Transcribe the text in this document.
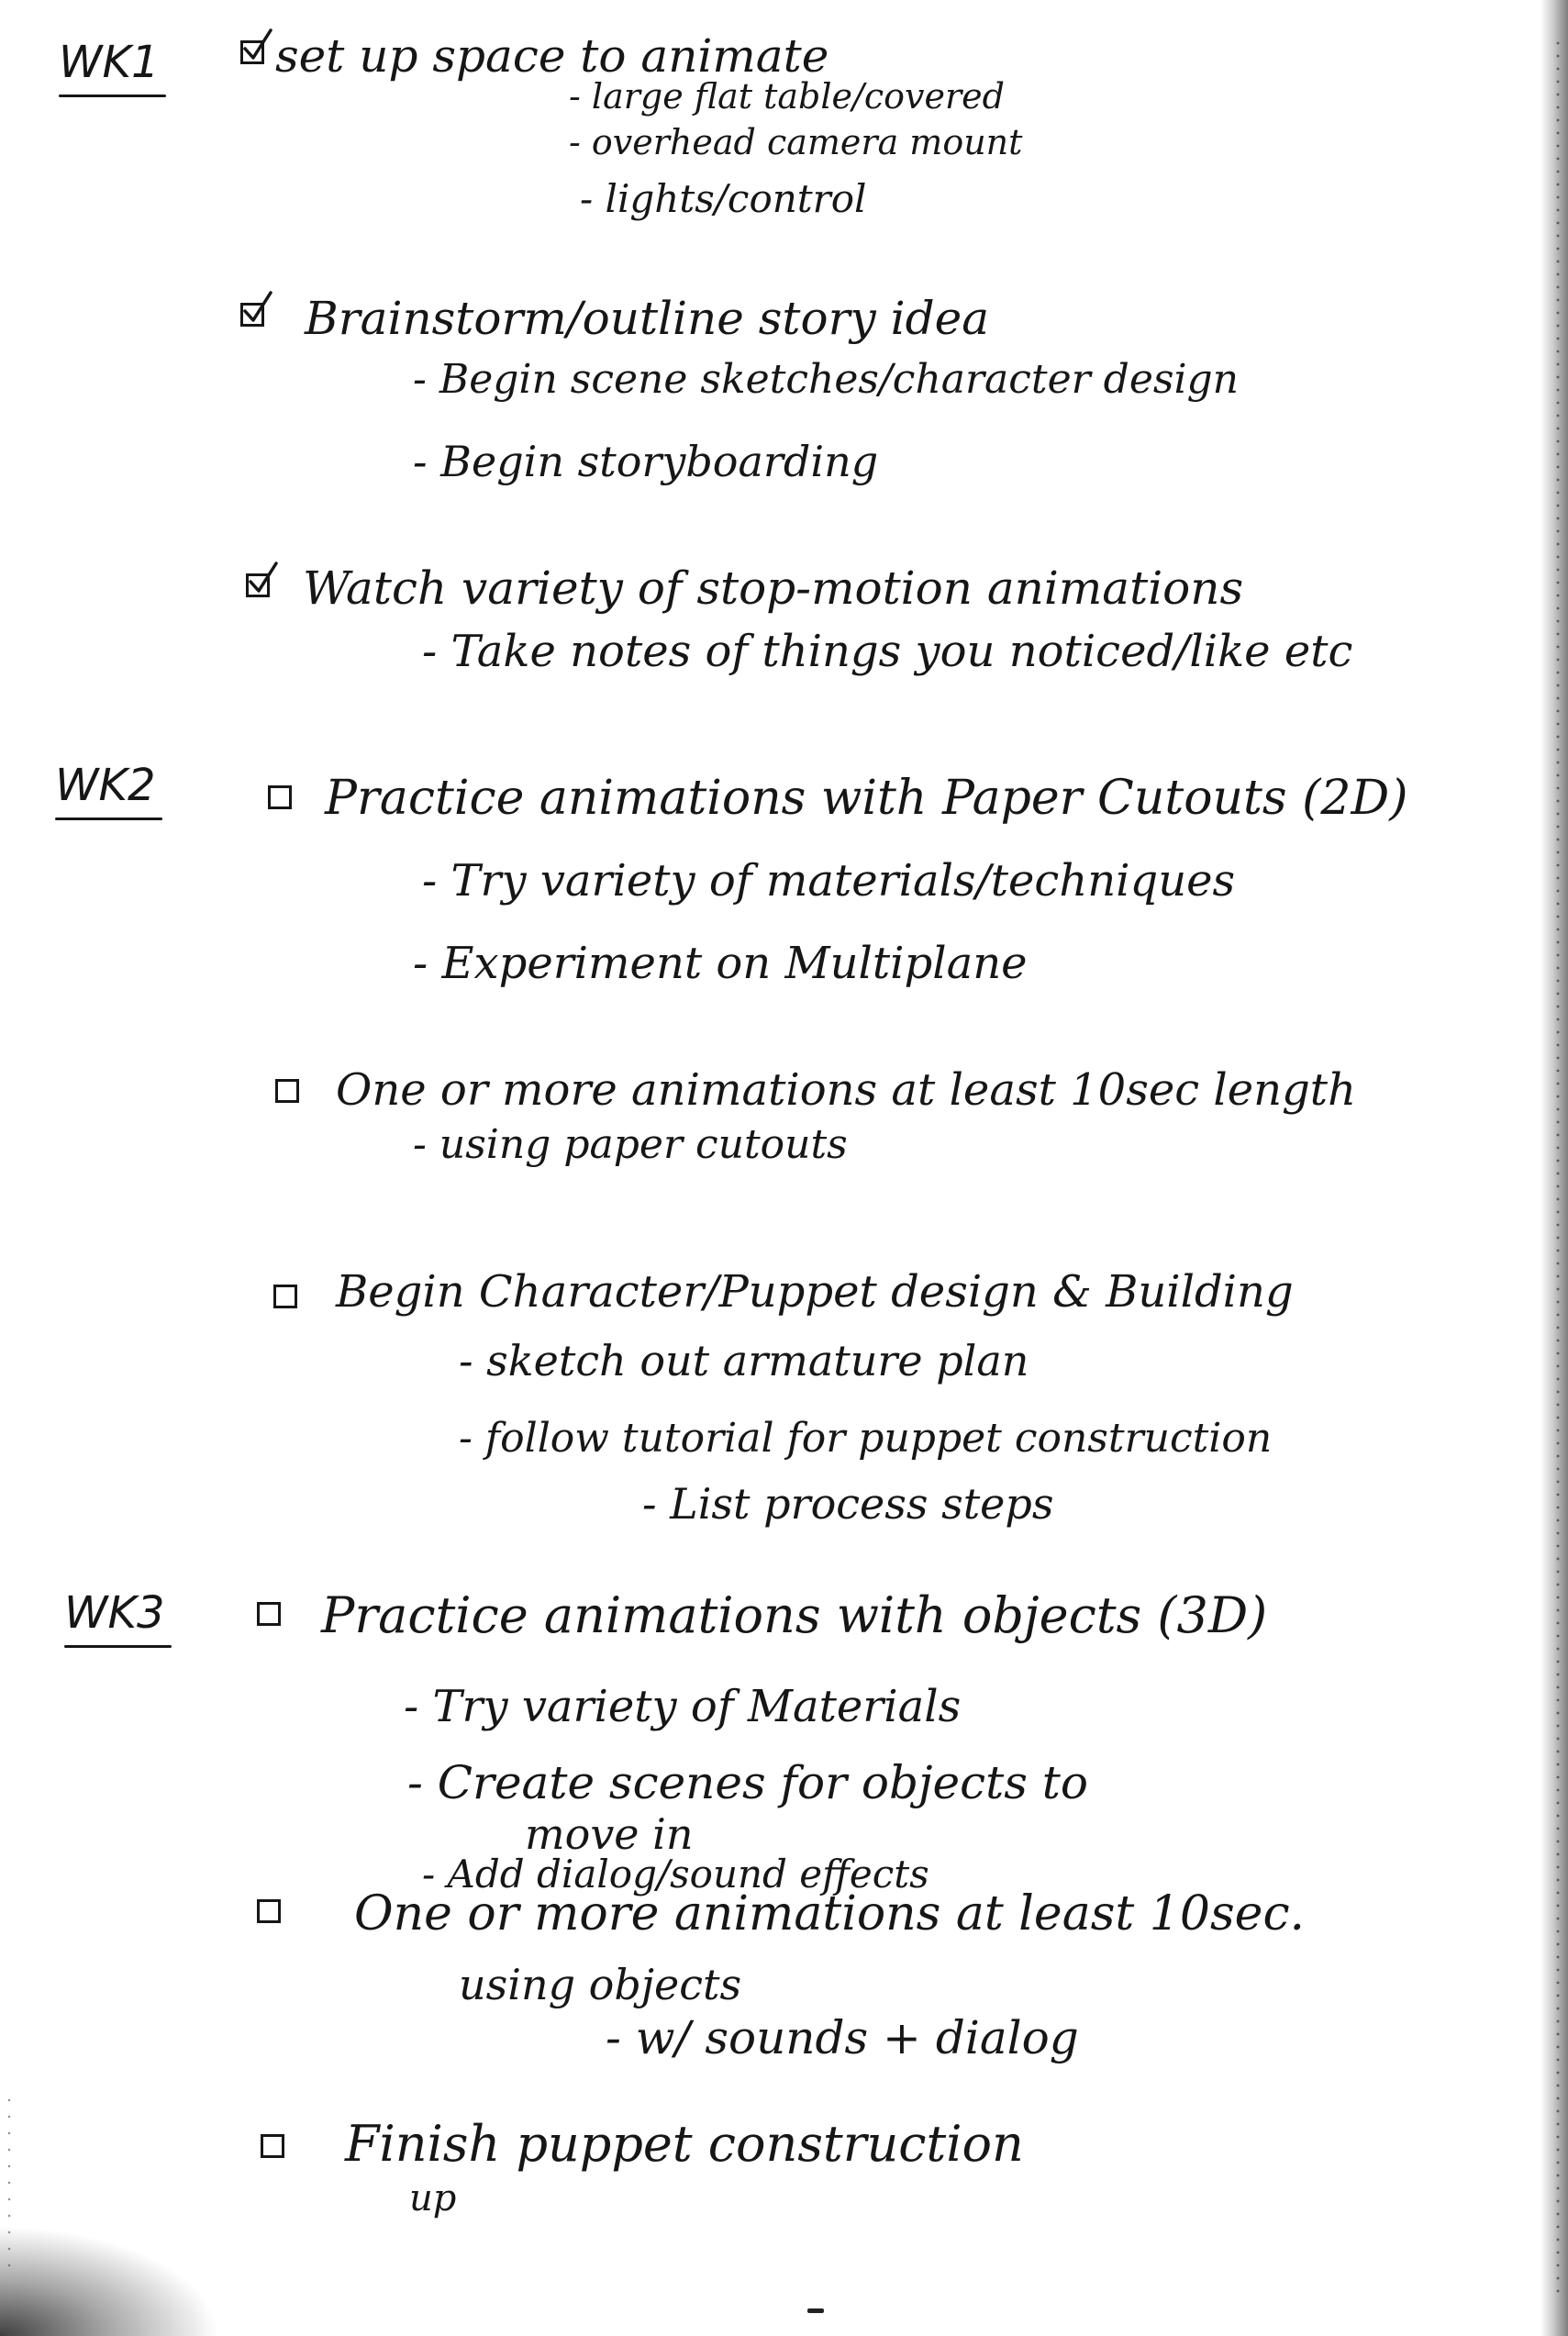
WK1	set up space to animate
- large flat table/covered
- overhead camera mount
- lights/control
Brainstorm/outline story idea
- Begin scene sketches/character design
- Begin storyboarding
Watch variety of stop-motion animations
- Take notes of things you noticed/like etc
WK2	Practice animations with Paper Cutouts (2D)
- Try variety of materials/techniques
- Experiment on Multiplane
One or more animations at least 10sec length
- using paper cutouts
Begin Character/Puppet design & Building
- sketch out armature plan
- follow tutorial for puppet construction
- List process steps
WK3	Practice animations with objects (3D)
- Try variety of Materials
- Create scenes for objects to
move in
- Add dialog/sound effects
One or more animations at least 10sec.
using objects
- w/ sounds + dialog
Finish puppet construction
up
